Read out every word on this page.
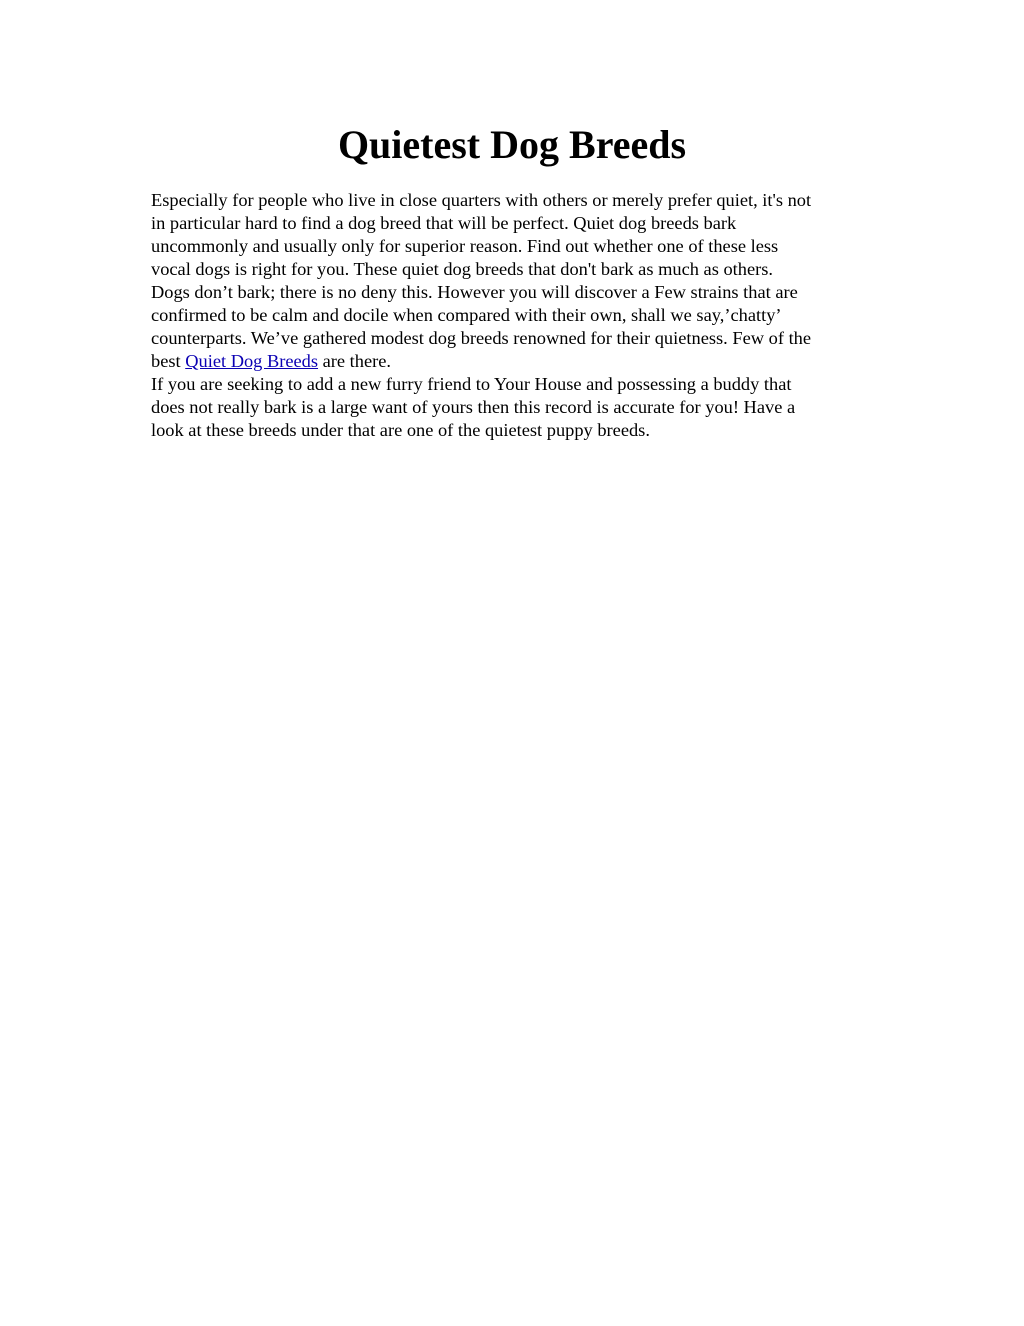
Quietest Dog Breeds
Especially for people who live in close quarters with others or merely prefer quiet, it's not
in particular hard to find a dog breed that will be perfect. Quiet dog breeds bark
uncommonly and usually only for superior reason. Find out whether one of these less
vocal dogs is right for you. These quiet dog breeds that don't bark as much as others.
Dogs don’t bark; there is no deny this. However you will discover a Few strains that are
confirmed to be calm and docile when compared with their own, shall we say,’chatty’
counterparts. We’ve gathered modest dog breeds renowned for their quietness. Few of the
best Quiet Dog Breeds are there.
If you are seeking to add a new furry friend to Your House and possessing a buddy that
does not really bark is a large want of yours then this record is accurate for you! Have a
look at these breeds under that are one of the quietest puppy breeds.
